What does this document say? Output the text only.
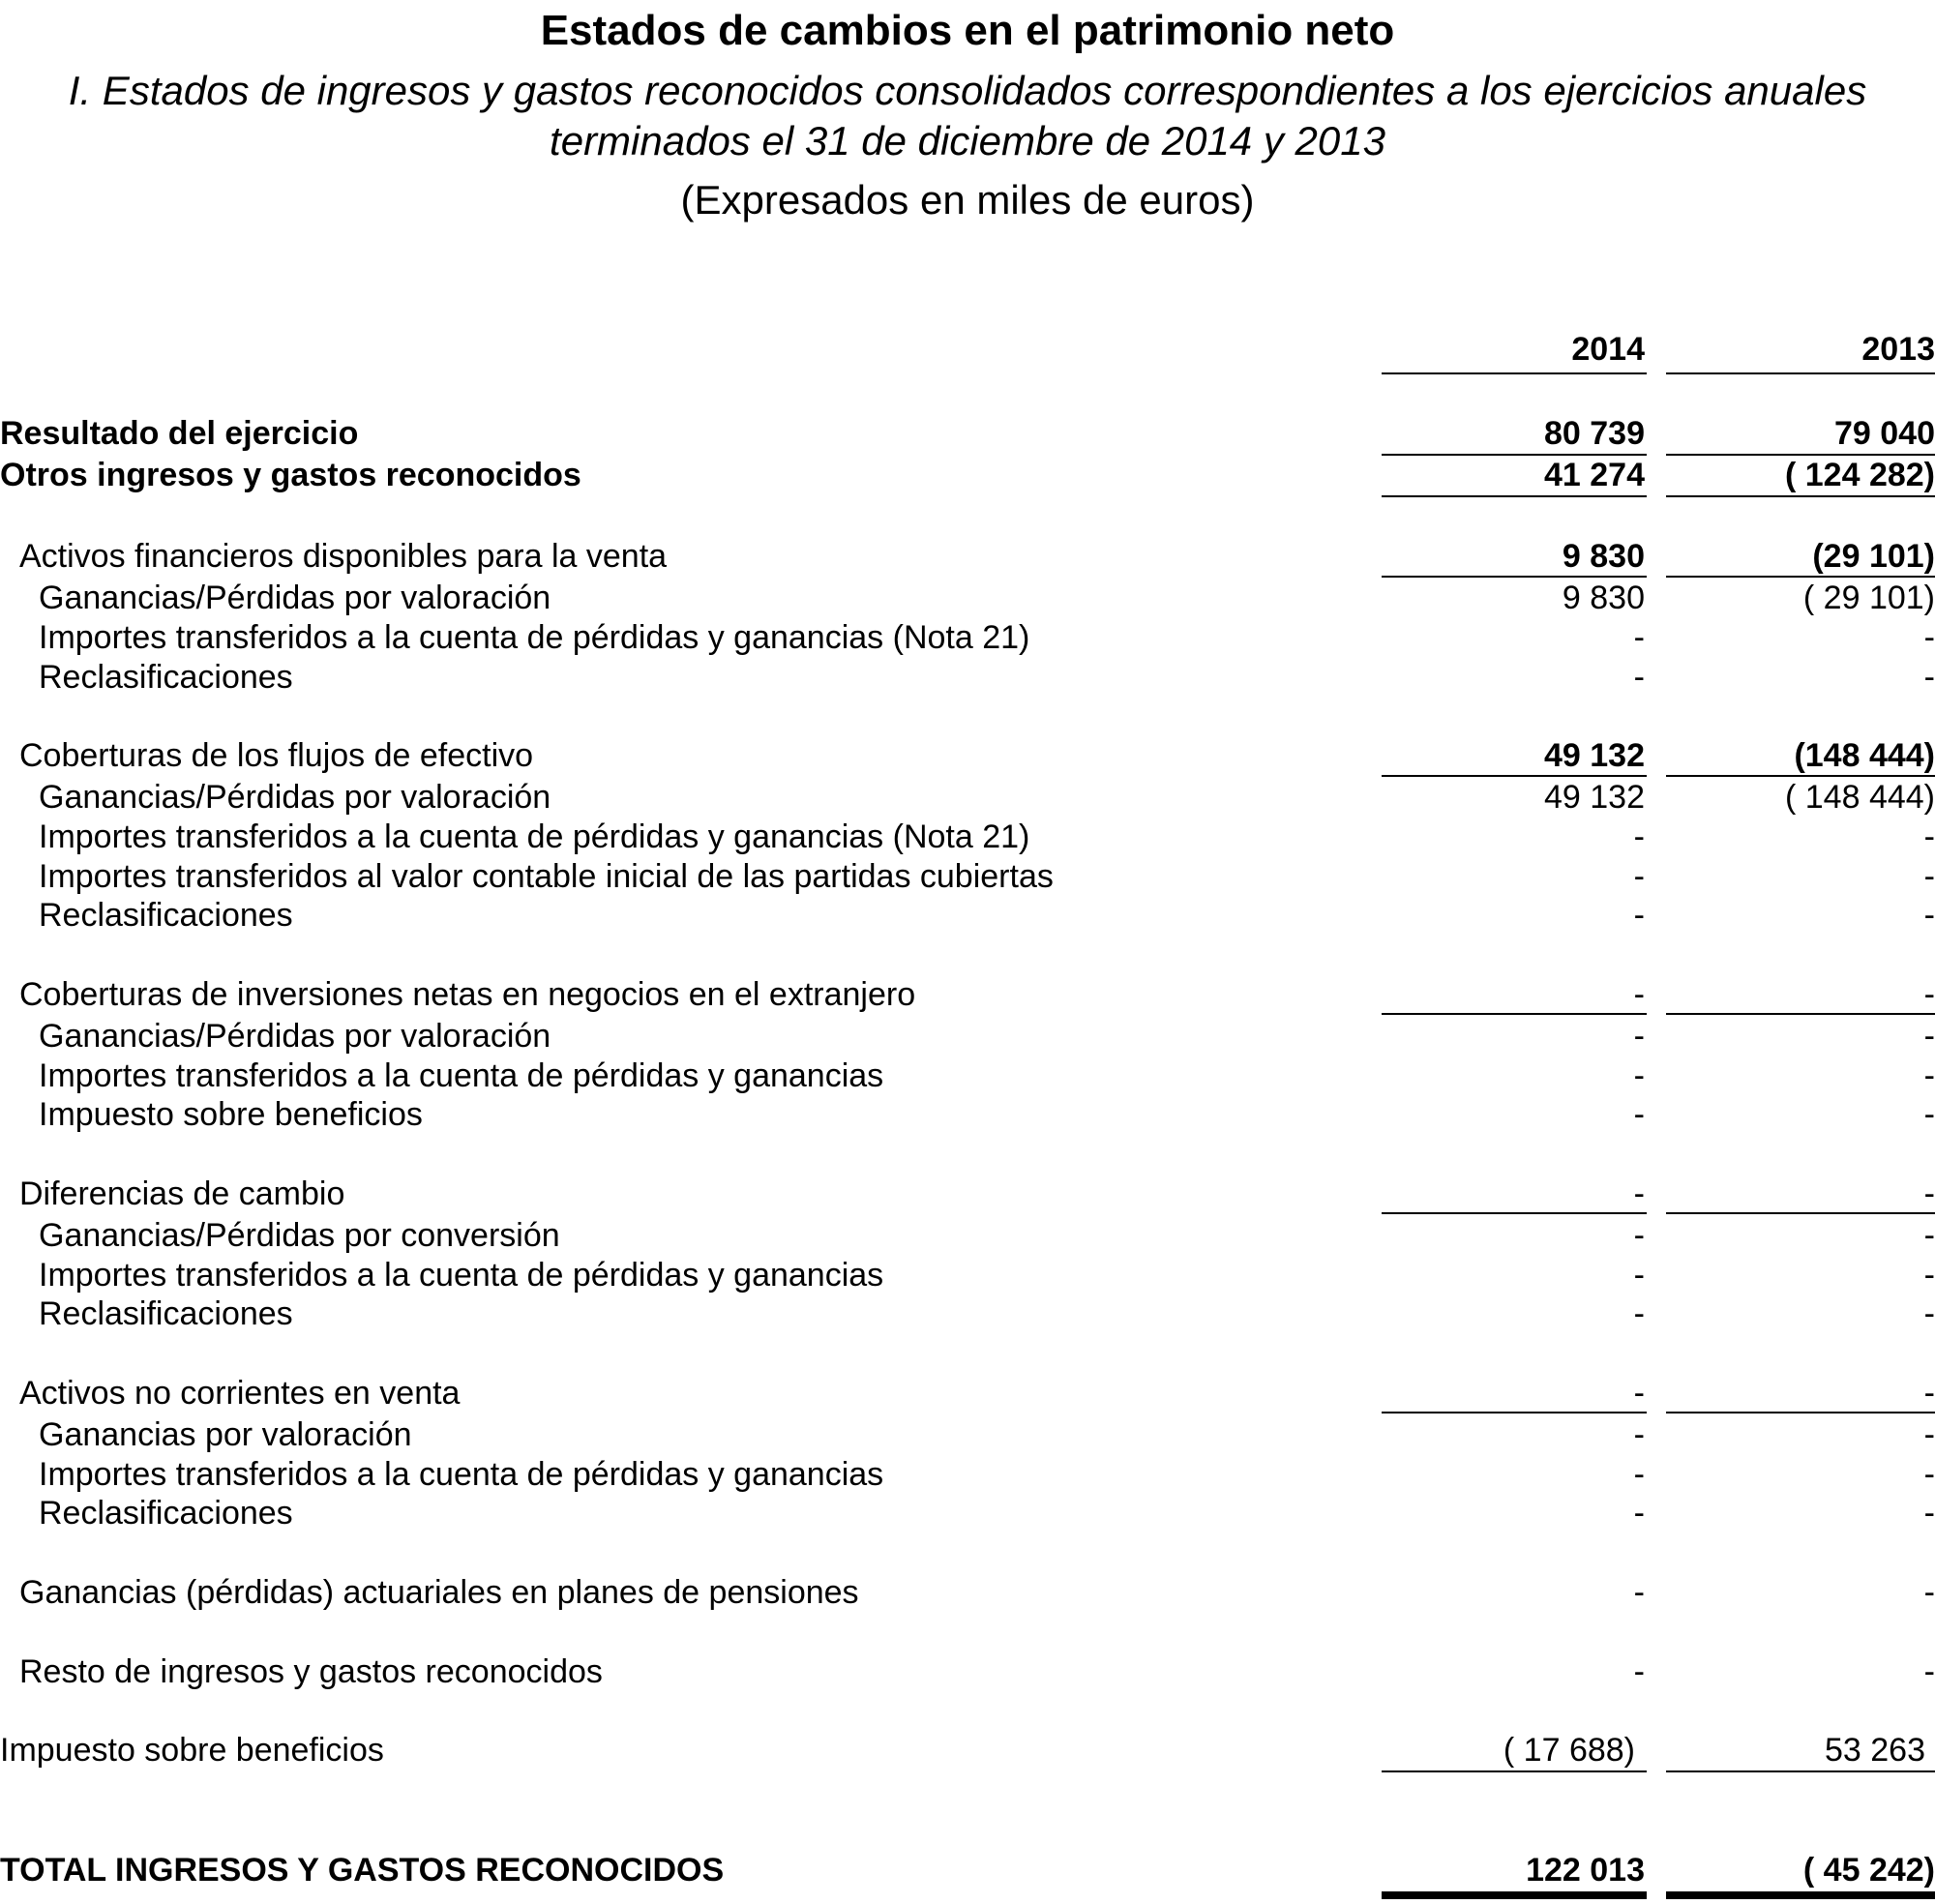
Estados de cambios en el patrimonio neto
I. Estados de ingresos y gastos reconocidos consolidados correspondientes a los ejercicios anuales
terminados el 31 de diciembre de 2014 y 2013
(Expresados en miles de euros)
2014	2013
Resultado del ejercicio	80 739	79 040
Otros ingresos y gastos reconocidos	41 274	( 124 282)
Activos financieros disponibles para la venta	9 830	(29 101)
Ganancias/Pérdidas por valoración	9 830	( 29 101)
Importes transferidos a la cuenta de pérdidas y ganancias (Nota 21)	-	-
Reclasificaciones	-	-
Coberturas de los flujos de efectivo	49 132	(148 444)
Ganancias/Pérdidas por valoración	49 132	( 148 444)
Importes transferidos a la cuenta de pérdidas y ganancias (Nota 21)	-	-
Importes transferidos al valor contable inicial de las partidas cubiertas	-	-
Reclasificaciones	-	-
Coberturas de inversiones netas en negocios en el extranjero	-	-
Ganancias/Pérdidas por valoración	-	-
Importes transferidos a la cuenta de pérdidas y ganancias	-	-
Impuesto sobre beneficios	-	-
Diferencias de cambio	-	-
Ganancias/Pérdidas por conversión	-	-
Importes transferidos a la cuenta de pérdidas y ganancias	-	-
Reclasificaciones	-	-
Activos no corrientes en venta	-	-
Ganancias por valoración	-	-
Importes transferidos a la cuenta de pérdidas y ganancias	-	-
Reclasificaciones	-	-
Ganancias (pérdidas) actuariales en planes de pensiones	-	-
Resto de ingresos y gastos reconocidos	-	-
Impuesto sobre beneficios	( 17 688)	53 263
TOTAL INGRESOS Y GASTOS RECONOCIDOS	122 013	( 45 242)
